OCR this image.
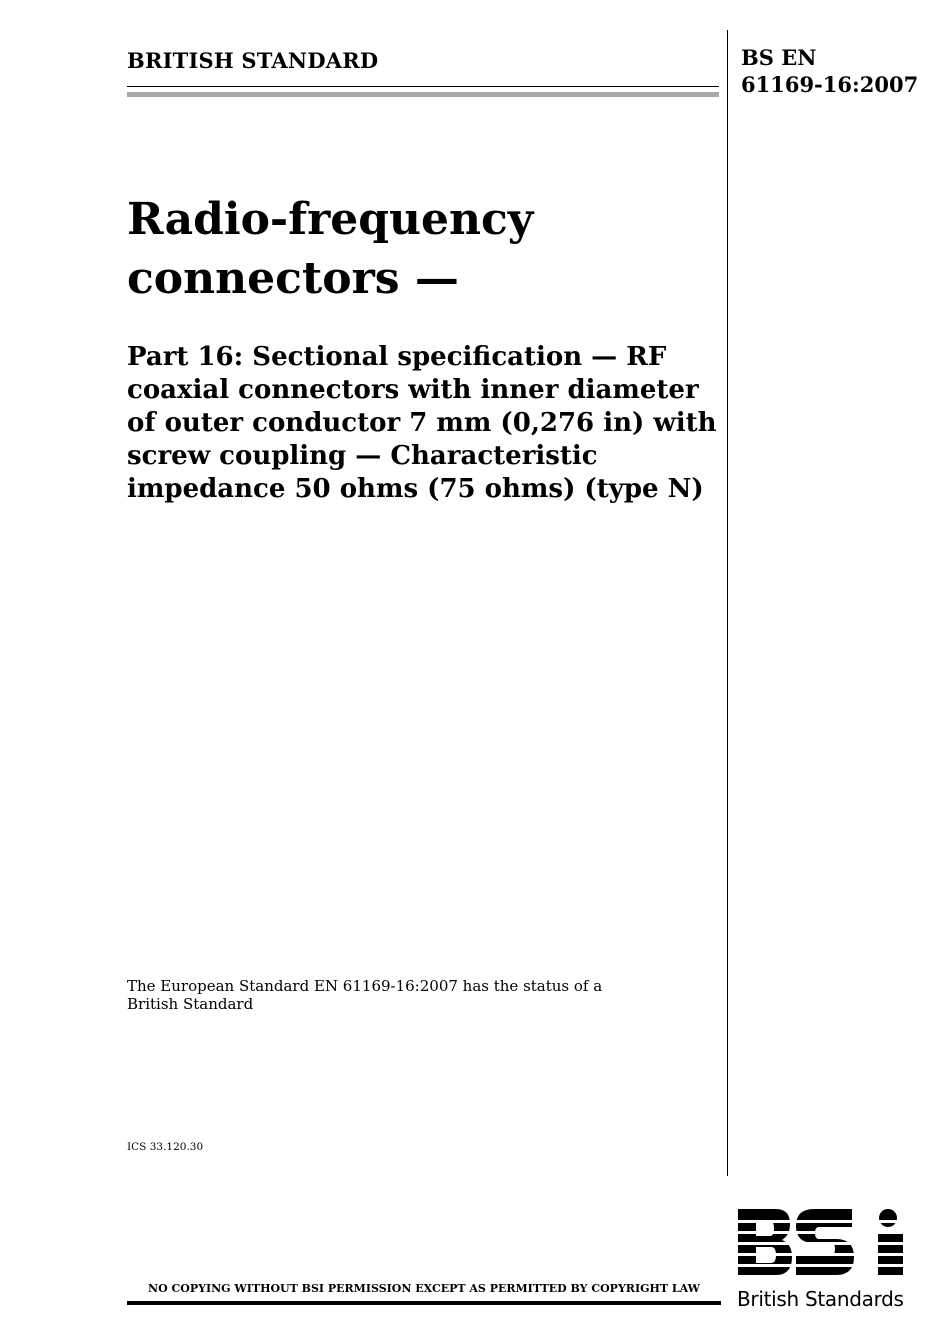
BRITISH STANDARD	BS EN
61169-16:2007
Radio-frequency
connectors —
Part 16: Sectional specification — RF
coaxial connectors with inner diameter
of outer conductor 7 mm (0,276 in) with
screw coupling — Characteristic
impedance 50 ohms (75 ohms) (type N)
The European Standard EN 61169-16:2007 has the status of a
British Standard
ICS 33.120.30
NO COPYING WITHOUT BSI PERMISSION EXCEPT AS PERMITTED BY COPYRIGHT LAW	British Standards
